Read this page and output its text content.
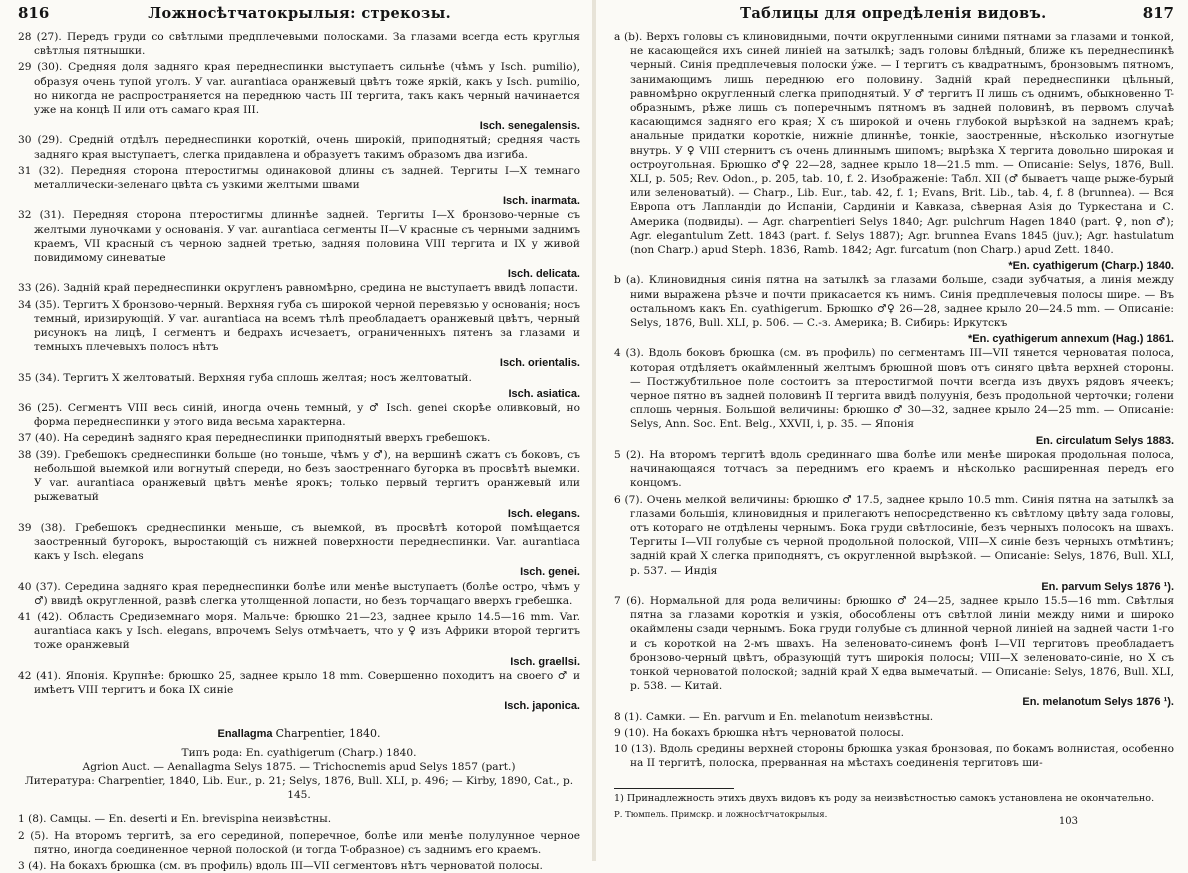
816	Ложносѣтчатокрылыя: стрекозы.
28 (27). Передъ груди со свѣтлыми предплечевыми полосками. За глазами всегда есть круглыя свѣтлыя пятнышки.
29 (30). Средняя доля задняго края переднеспинки выступаетъ сильнѣе (чѣмъ у Isch. pumilio), образуя очень тупой уголъ. У var. aurantiaca оранжевый цвѣтъ тоже яркій, какъ у Isch. pumilio, но никогда не распространяется на переднюю часть III тергита, такъ какъ черный начинается уже на концѣ II или отъ самаго края III.
Isch. senegalensis.
30 (29). Средній отдѣлъ переднеспинки короткій, очень широкій, приподнятый; средняя часть задняго края выступаетъ, слегка придавлена и образуетъ такимъ образомъ два изгиба.
31 (32). Передняя сторона птеростигмы одинаковой длины съ задней. Тергиты I—X темнаго металлически-зеленаго цвѣта съ узкими желтыми швами
Isch. inarmata.
32 (31). Передняя сторона птеростигмы длиннѣе задней. Тергиты I—X бронзово-черные съ желтыми луночками у основанія. У var. aurantiaca сегменты II—V красные съ черными заднимъ краемъ, VII красный съ черною задней третью, задняя половина VIII тергита и IX у живой повидимому синеватые
Isch. delicata.
33 (26). Задній край переднеспинки округленъ равномѣрно, средина не выступаетъ ввидѣ лопасти.
34 (35). Тергитъ X бронзово-черный. Верхняя губа съ широкой черной перевязью у основанія; носъ темный, иризирующій. У var. aurantiaca на всемъ тѣлѣ преобладаетъ оранжевый цвѣтъ, черный рисунокъ на лицѣ, I сегментъ и бедрахъ исчезаетъ, ограниченныхъ пятенъ за глазами и темныхъ плечевыхъ полосъ нѣтъ
Isch. orientalis.
35 (34). Тергитъ X желтоватый. Верхняя губа сплошь желтая; носъ желтоватый.
Isch. asiatica.
36 (25). Сегментъ VIII весь синій, иногда очень темный, у ♂ Isch. genei скорѣе оливковый, но форма переднеспинки у этого вида весьма характерна.
37 (40). На серединѣ задняго края переднеспинки приподнятый вверхъ гребешокъ.
38 (39). Гребешокъ среднеспинки больше (но тоньше, чѣмъ у ♂), на вершинѣ сжатъ съ боковъ, съ небольшой выемкой или вогнутый спереди, но безъ заостреннаго бугорка въ просвѣтѣ выемки. У var. aurantiaca оранжевый цвѣтъ менѣе ярокъ; только первый тергитъ оранжевый или рыжеватый
Isch. elegans.
39 (38). Гребешокъ среднеспинки меньше, съ выемкой, въ просвѣтѣ которой помѣщается заостренный бугорокъ, выростающій съ нижней поверхности переднеспинки. Var. aurantiaca какъ у Isch. elegans
Isch. genei.
40 (37). Середина задняго края переднеспинки болѣе или менѣе выступаетъ (болѣе остро, чѣмъ у ♂) ввидѣ округленной, развѣ слегка утолщенной лопасти, но безъ торчащаго вверхъ гребешка.
41 (42). Область Средиземнаго моря. Мальче: брюшко 21—23, заднее крыло 14.5—16 mm. Var. aurantiaca какъ у Isch. elegans, впрочемъ Selys отмѣчаетъ, что у ♀ изъ Африки второй тергитъ тоже оранжевый
Isch. graellsi.
42 (41). Японія. Крупнѣе: брюшко 25, заднее крыло 18 mm. Совершенно походитъ на своего ♂ и имѣетъ VIII тергитъ и бока IX синіе
Isch. japonica.
Enallagma Charpentier, 1840.
Типъ рода: En. cyathigerum (Charp.) 1840.
Agrion Auct. — Aenallagma Selys 1875. — Trichocnemis apud Selys 1857 (part.)
Литература: Charpentier, 1840, Lib. Eur., p. 21; Selys, 1876, Bull. XLI, p. 496; — Kirby, 1890, Cat., p. 145.
1 (8). Самцы. — En. deserti и En. brevispina неизвѣстны.
2 (5). На второмъ тергитѣ, за его серединой, поперечное, болѣе или менѣе полулунное черное пятно, иногда соединенное черной полоской (и тогда T-образное) съ заднимъ его краемъ.
3 (4). На бокахъ брюшка (см. въ профиль) вдоль III—VII сегментовъ нѣтъ черноватой полосы.
Таблицы для опредѣленія видовъ.	817
a (b). Верхъ головы съ клиновидными, почти округленными синими пятнами за глазами и тонкой, не касающейся ихъ синей линіей на затылкѣ; задъ головы блѣдный, ближе къ переднеспинкѣ черный. Синія предплечевыя полоски ýже. — I тергитъ съ квадратнымъ, бронзовымъ пятномъ, занимающимъ лишь переднюю его половину. Задній край переднеспинки цѣльный, равномѣрно округленный слегка приподнятый. У ♂ тергитъ II лишь съ однимъ, обыкновенно T-образнымъ, рѣже лишь съ поперечнымъ пятномъ въ задней половинѣ, въ первомъ случаѣ касающимся задняго его края; X съ широкой и очень глубокой вырѣзкой на заднемъ краѣ; анальные придатки короткіе, нижніе длиннѣе, тонкіе, заостренные, нѣсколько изогнутые внутрь. У ♀ VIII стернитъ съ очень длиннымъ шипомъ; вырѣзка X тергита довольно широкая и остроугольная. Брюшко ♂♀ 22—28, заднее крыло 18—21.5 mm. — Описаніе: Selys, 1876, Bull. XLI, p. 505; Rev. Odon., p. 205, tab. 10, f. 2. Изображеніе: Табл. XII (♂ бываетъ чаще рыже-бурый или зеленоватый). — Charp., Lib. Eur., tab. 42, f. 1; Evans, Brit. Lib., tab. 4, f. 8 (brunnea). — Вся Европа отъ Лапландіи до Испаніи, Сардиніи и Кавказа, сѣверная Азія до Туркестана и С. Америка (подвиды). — Agr. charpentieri Selys 1840; Agr. pulchrum Hagen 1840 (part. ♀, non ♂); Agr. elegantulum Zett. 1843 (part. f. Selys 1887); Agr. brunnea Evans 1845 (juv.); Agr. hastulatum (non Charp.) apud Steph. 1836, Ramb. 1842; Agr. furcatum (non Charp.) apud Zett. 1840.
*En. cyathigerum (Charp.) 1840.
b (a). Клиновидныя синія пятна на затылкѣ за глазами больше, сзади зубчатыя, а линія между ними выражена рѣзче и почти прикасается къ нимъ. Синія предплечевыя полосы шире. — Въ остальномъ какъ En. cyathigerum. Брюшко ♂♀ 26—28, заднее крыло 20—24.5 mm. — Описаніе: Selys, 1876, Bull. XLI, p. 506. — С.-з. Америка; В. Сибирь: Иркутскъ
*En. cyathigerum annexum (Hag.) 1861.
4 (3). Вдоль боковъ брюшка (см. въ профиль) по сегментамъ III—VII тянется черноватая полоса, которая отдѣляетъ окаймленный желтымъ брюшной шовъ отъ синяго цвѣта верхней стороны. — Постжубтильное поле состоитъ за птеростигмой почти всегда изъ двухъ рядовъ ячеекъ; черное пятно въ задней половинѣ II тергита ввидѣ полуунія, безъ продольной черточки; голени сплошь черныя. Большой величины: брюшко ♂ 30—32, заднее крыло 24—25 mm. — Описаніе: Selys, Ann. Soc. Ent. Belg., XXVII, i, p. 35. — Японія
En. circulatum Selys 1883.
5 (2). На второмъ тергитѣ вдоль срединнаго шва болѣе или менѣе широкая продольная полоса, начинающаяся тотчасъ за переднимъ его краемъ и нѣсколько расширенная передъ его концомъ.
6 (7). Очень мелкой величины: брюшко ♂ 17.5, заднее крыло 10.5 mm. Синія пятна на затылкѣ за глазами большія, клиновидныя и прилегаютъ непосредственно къ свѣтлому цвѣту зада головы, отъ котораго не отдѣлены чернымъ. Бока груди свѣтлосиніе, безъ черныхъ полосокъ на швахъ. Тергиты I—VII голубые съ черной продольной полоской, VIII—X синіе безъ черныхъ отмѣтинъ; задній край X слегка приподнятъ, съ округленной вырѣзкой. — Описаніе: Selys, 1876, Bull. XLI, p. 537. — Индія
En. parvum Selys 1876 ¹).
7 (6). Нормальной для рода величины: брюшко ♂ 24—25, заднее крыло 15.5—16 mm. Свѣтлыя пятна за глазами короткія и узкія, обособлены отъ свѣтлой линіи между ними и широко окаймлены сзади чернымъ. Бока груди голубые съ длинной черной линіей на задней части 1-го и съ короткой на 2-мъ швахъ. На зеленовато-синемъ фонѣ I—VII тергитовъ преобладаетъ бронзово-черный цвѣтъ, образующій тутъ широкія полосы; VIII—X зеленовато-синіе, но X съ тонкой черноватой полоской; задній край X едва вымечатый. — Описаніе: Selys, 1876, Bull. XLI, p. 538. — Китай.
En. melanotum Selys 1876 ¹).
8 (1). Самки. — En. parvum и En. melanotum неизвѣстны.
9 (10). На бокахъ брюшка нѣтъ черноватой полосы.
10 (13). Вдоль средины верхней стороны брюшка узкая бронзовая, по бокамъ волнистая, особенно на II тергитѣ, полоска, прерванная на мѣстахъ соединенія тергитовъ ши-
1) Принадлежность этихъ двухъ видовъ къ роду за неизвѣстностью самокъ установлена не окончательно.
Р. Тюмпель. Примскр. и ложносѣтчатокрылыя.
103
